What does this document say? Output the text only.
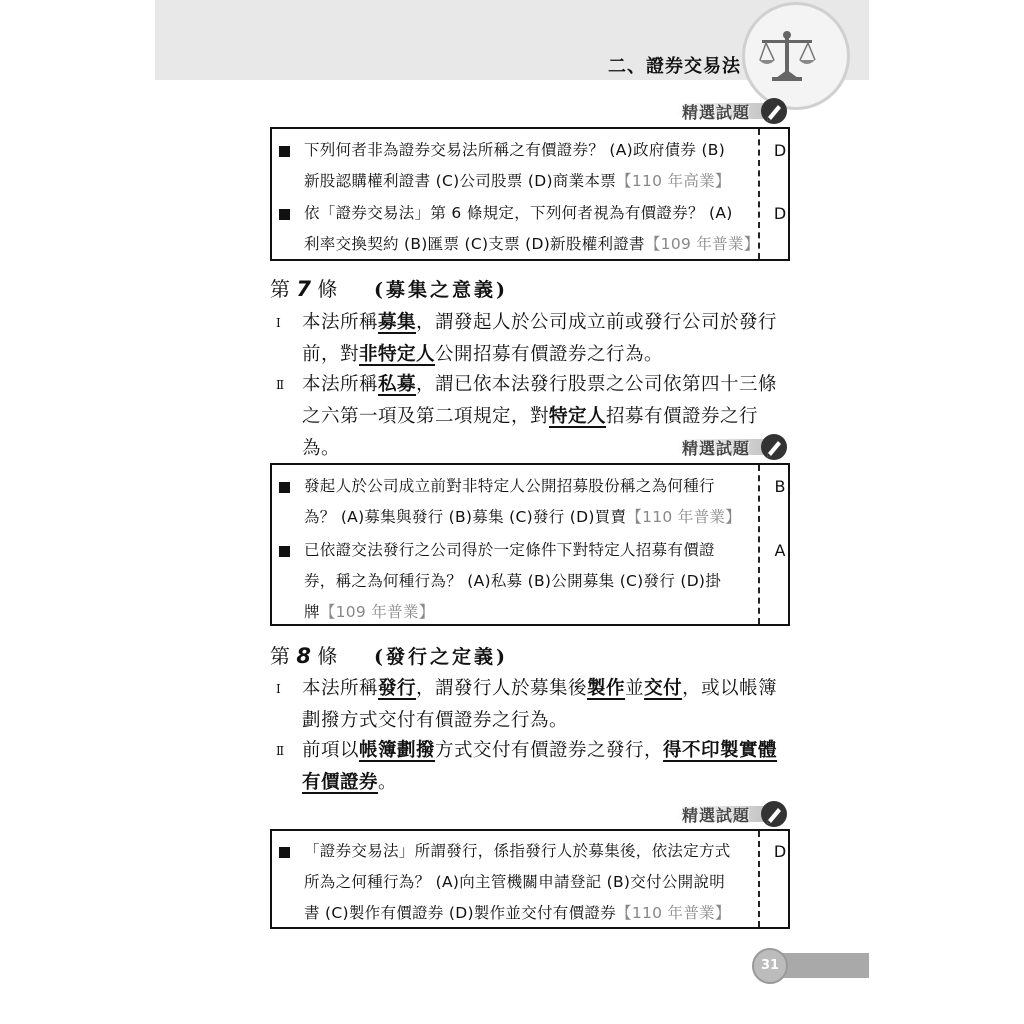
二、證券交易法
精選試題
下列何者非為證券交易法所稱之有價證券？ (A)政府債券 (B)
新股認購權利證書 (C)公司股票 (D)商業本票【110 年高業】
D
依「證券交易法」第 6 條規定，下列何者視為有價證券？ (A)
利率交換契約 (B)匯票 (C)支票 (D)新股權利證書【109 年普業】
D
第 7 條 (募集之意義)
Ⅰ 本法所稱募集，謂發起人於公司成立前或發行公司於發行前，對非特定人公開招募有價證券之行為。
Ⅱ 本法所稱私募，謂已依本法發行股票之公司依第四十三條之六第一項及第二項規定，對特定人招募有價證券之行為。	精選試題
發起人於公司成立前對非特定人公開招募股份稱之為何種行
為？ (A)募集與發行 (B)募集 (C)發行 (D)買賣【110 年普業】
B
已依證交法發行之公司得於一定條件下對特定人招募有價證
券，稱之為何種行為？ (A)私募 (B)公開募集 (C)發行 (D)掛
牌【109 年普業】
A
第 8 條 (發行之定義)
Ⅰ 本法所稱發行，謂發行人於募集後製作並交付，或以帳簿劃撥方式交付有價證券之行為。
Ⅱ 前項以帳簿劃撥方式交付有價證券之發行，得不印製實體有價證券。
精選試題
「證券交易法」所謂發行，係指發行人於募集後，依法定方式
所為之何種行為？ (A)向主管機關申請登記 (B)交付公開說明
書 (C)製作有價證券 (D)製作並交付有價證券【110 年普業】
D
31
